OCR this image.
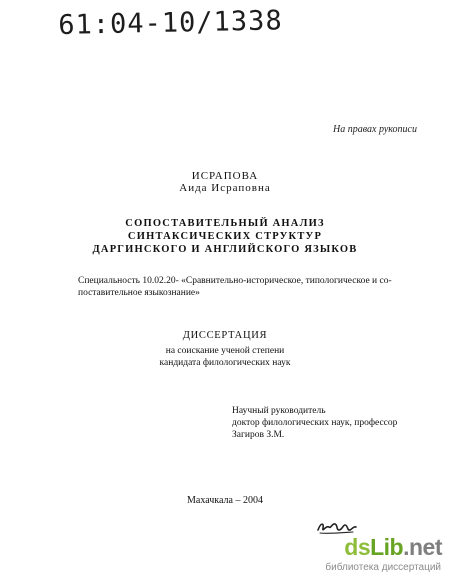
61:04-10/1338
На правах рукописи
ИСРАПОВА
Аида Исраповна
СОПОСТАВИТЕЛЬНЫЙ АНАЛИЗ
СИНТАКСИЧЕСКИХ СТРУКТУР
ДАРГИНСКОГО И АНГЛИЙСКОГО ЯЗЫКОВ
Специальность 10.02.20- «Сравнительно-историческое, типологическое и со-
поставительное языкознание»
ДИССЕРТАЦИЯ
на соискание ученой степени
кандидата филологических наук
Научный руководитель
доктор филологических наук, профессор
Загиров З.М.
Махачкала – 2004
dsLib.net
библиотека диссертаций
